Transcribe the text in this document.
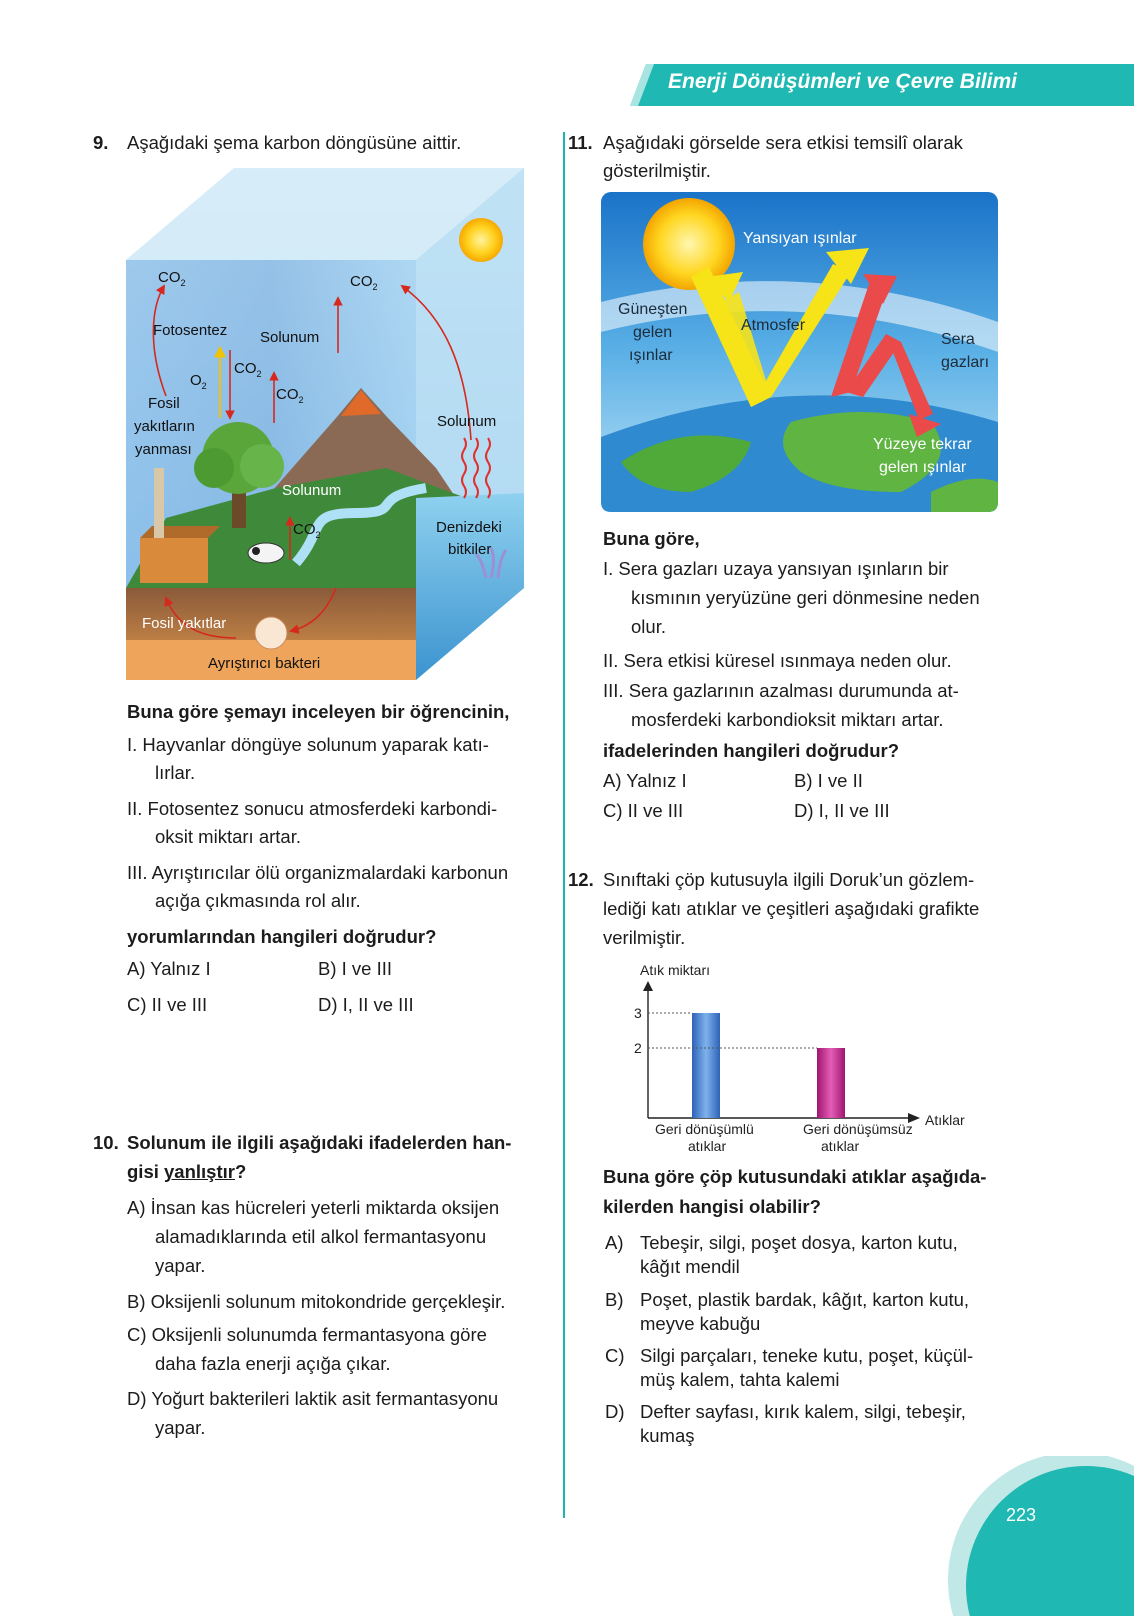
Enerji Dönüşümleri ve Çevre Bilimi
9. Aşağıdaki şema karbon döngüsüne aittir.
$CO_2$	$CO_2$
Fotosentez Solunum
$CO_2$
$O_2$	$CO_2$
Fosil
yakıtların
yanması
Solunum
Solunum
$CO_2$	Denizdeki
bitkiler
Fosil yakıtlar
Ayrıştırıcı bakteri
Buna göre şemayı inceleyen bir öğrencinin,
I. Hayvanlar döngüye solunum yaparak katı-
lırlar.
II. Fotosentez sonucu atmosferdeki karbondi-
oksit miktarı artar.
III. Ayrıştırıcılar ölü organizmalardaki karbonun
açığa çıkmasında rol alır.
yorumlarından hangileri doğrudur?
A) Yalnız I	B) I ve III
C) II ve III	D) I, II ve III
10. Solunum ile ilgili aşağıdaki ifadelerden han-
gisi yanlıştır?
A) İnsan kas hücreleri yeterli miktarda oksijen
alamadıklarında etil alkol fermantasyonu
yapar.
B) Oksijenli solunum mitokondride gerçekleşir.
C) Oksijenli solunumda fermantasyona göre
daha fazla enerji açığa çıkar.
D) Yoğurt bakterileri laktik asit fermantasyonu
yapar.
11. Aşağıdaki görselde sera etkisi temsilî olarak
gösterilmiştir.
Yansıyan ışınlar
Güneşten
gelen
ışınlar
Atmosfer
Sera
gazları
Yüzeye tekrar
gelen ışınlar
Buna göre,
I. Sera gazları uzaya yansıyan ışınların bir
kısmının yeryüzüne geri dönmesine neden
olur.
II. Sera etkisi küresel ısınmaya neden olur.
III. Sera gazlarının azalması durumunda at-
mosferdeki karbondioksit miktarı artar.
ifadelerinden hangileri doğrudur?
A) Yalnız I	B) I ve II
C) II ve III	D) I, II ve III
12. Sınıftaki çöp kutusuyla ilgili Doruk’un gözlem-
lediği katı atıklar ve çeşitleri aşağıdaki grafikte
verilmiştir.
Atık miktarı
Atıklar
2
3
Geri dönüşümlü
atıklar
Geri dönüşümsüz
atıklar
Buna göre çöp kutusundaki atıklar aşağıda-
kilerden hangisi olabilir?
A) Tebeşir, silgi, poşet dosya, karton kutu,
kâğıt mendil
B) Poşet, plastik bardak, kâğıt, karton kutu,
meyve kabuğu
C) Silgi parçaları, teneke kutu, poşet, küçül-
müş kalem, tahta kalemi
D) Defter sayfası, kırık kalem, silgi, tebeşir,
kumaş
223
